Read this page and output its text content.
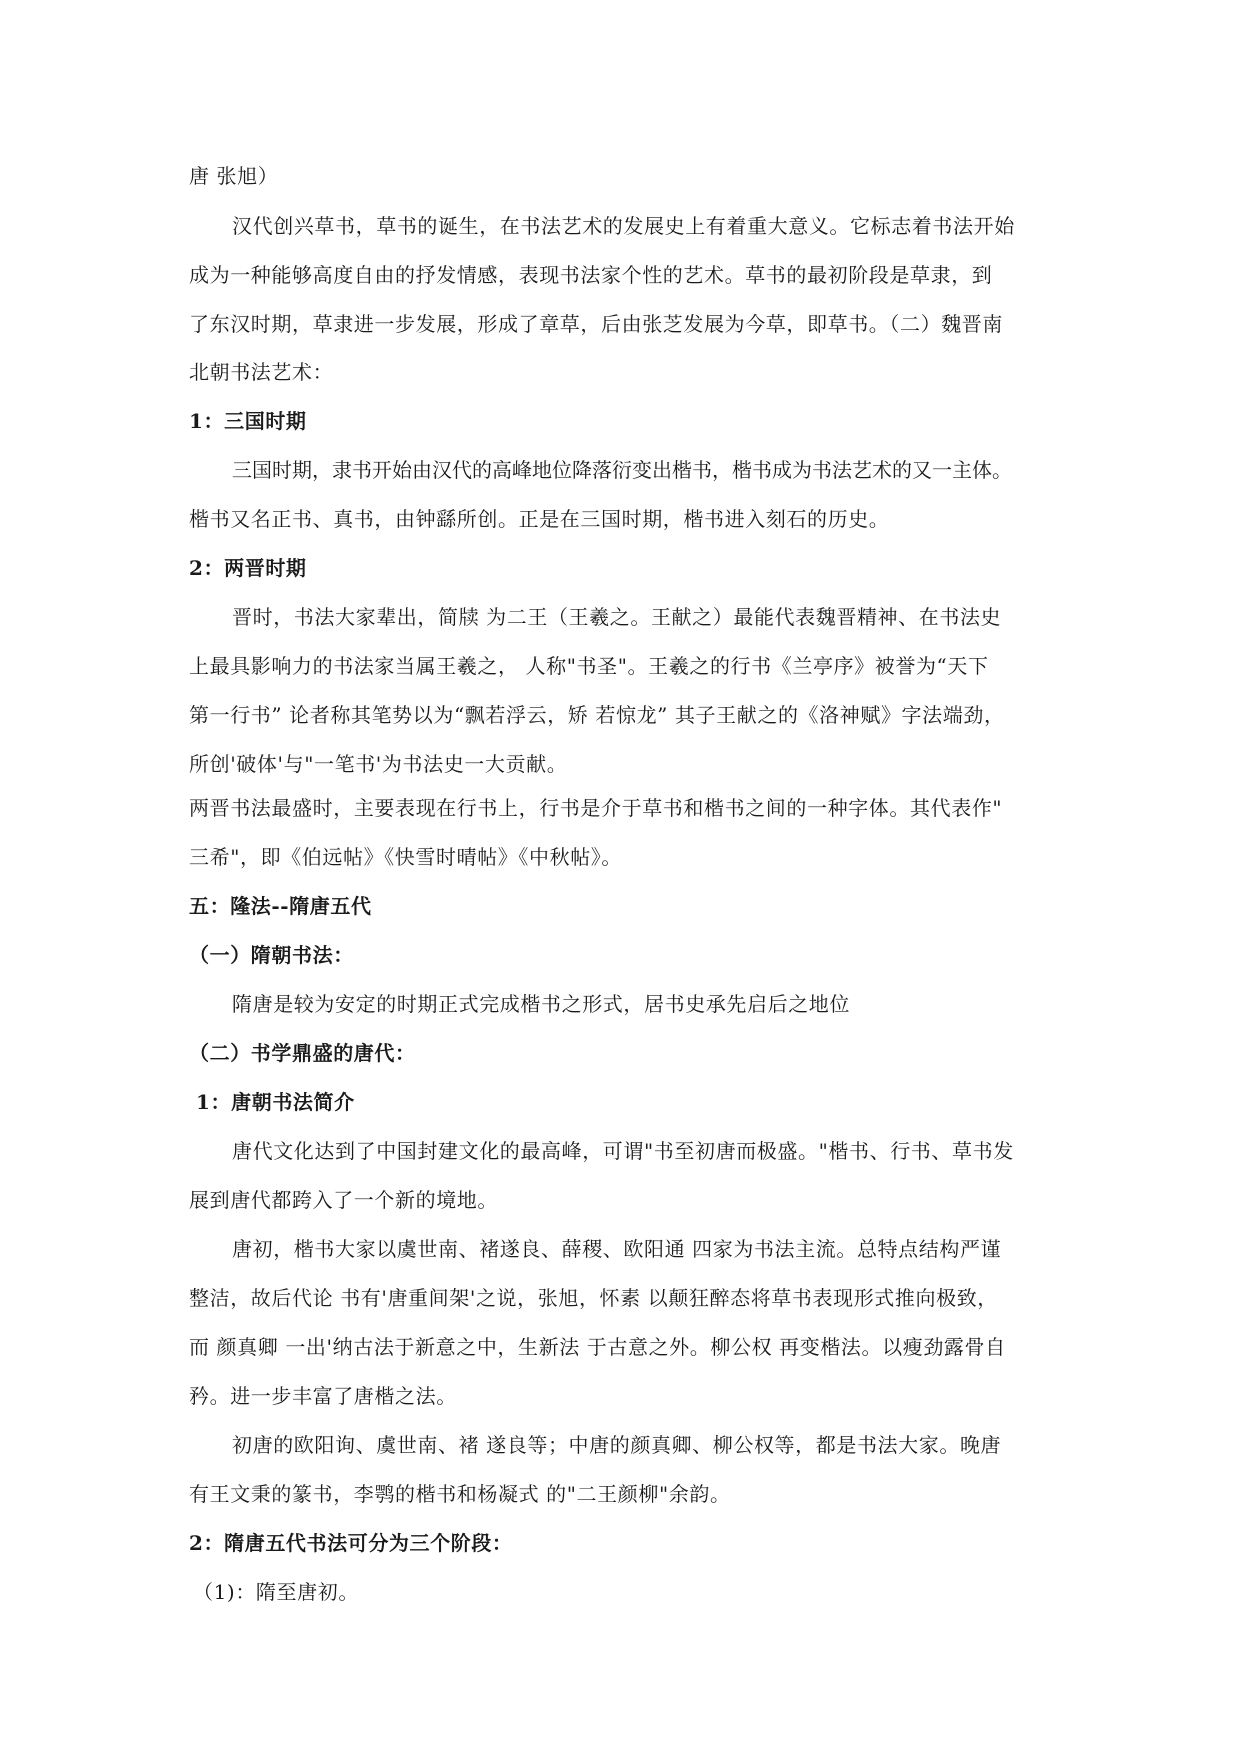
唐 张旭）
汉代创兴草书，草书的诞生，在书法艺术的发展史上有着重大意义。它标志着书法开始
成为一种能够高度自由的抒发情感，表现书法家个性的艺术。草书的最初阶段是草隶，到
了东汉时期，草隶进一步发展，形成了章草，后由张芝发展为今草，即草书。（二）魏晋南
北朝书法艺术：
1：三国时期
三国时期，隶书开始由汉代的高峰地位降落衍变出楷书，楷书成为书法艺术的又一主体。
楷书又名正书、真书，由钟繇所创。正是在三国时期，楷书进入刻石的历史。
2：两晋时期
晋时，书法大家辈出，简牍 为二王（王羲之。王献之）最能代表魏晋精神、在书法史
上最具影响力的书法家当属王羲之， 人称"书圣"。王羲之的行书《兰亭序》被誉为“天下
第一行书” 论者称其笔势以为“飘若浮云，矫 若惊龙” 其子王献之的《洛神赋》字法端劲，
所创'破体'与"一笔书'为书法史一大贡献。
两晋书法最盛时，主要表现在行书上，行书是介于草书和楷书之间的一种字体。其代表作"
三希"，即《伯远帖》《快雪时晴帖》《中秋帖》。
五：隆法--隋唐五代
（一）隋朝书法：
隋唐是较为安定的时期正式完成楷书之形式，居书史承先启后之地位
（二）书学鼎盛的唐代：
1：唐朝书法简介
唐代文化达到了中国封建文化的最高峰，可谓"书至初唐而极盛。"楷书、行书、草书发
展到唐代都跨入了一个新的境地。
唐初，楷书大家以虞世南、褚遂良、薛稷、欧阳通 四家为书法主流。总特点结构严谨
整洁，故后代论 书有'唐重间架'之说，张旭，怀素 以颠狂醉态将草书表现形式推向极致，
而 颜真卿 一出'纳古法于新意之中，生新法 于古意之外。柳公权 再变楷法。以瘦劲露骨自
矜。进一步丰富了唐楷之法。
初唐的欧阳询、虞世南、褚 遂良等；中唐的颜真卿、柳公权等，都是书法大家。晚唐
有王文秉的篆书，李鹗的楷书和杨凝式 的"二王颜柳"余韵。
2：隋唐五代书法可分为三个阶段：
（1)：隋至唐初。
